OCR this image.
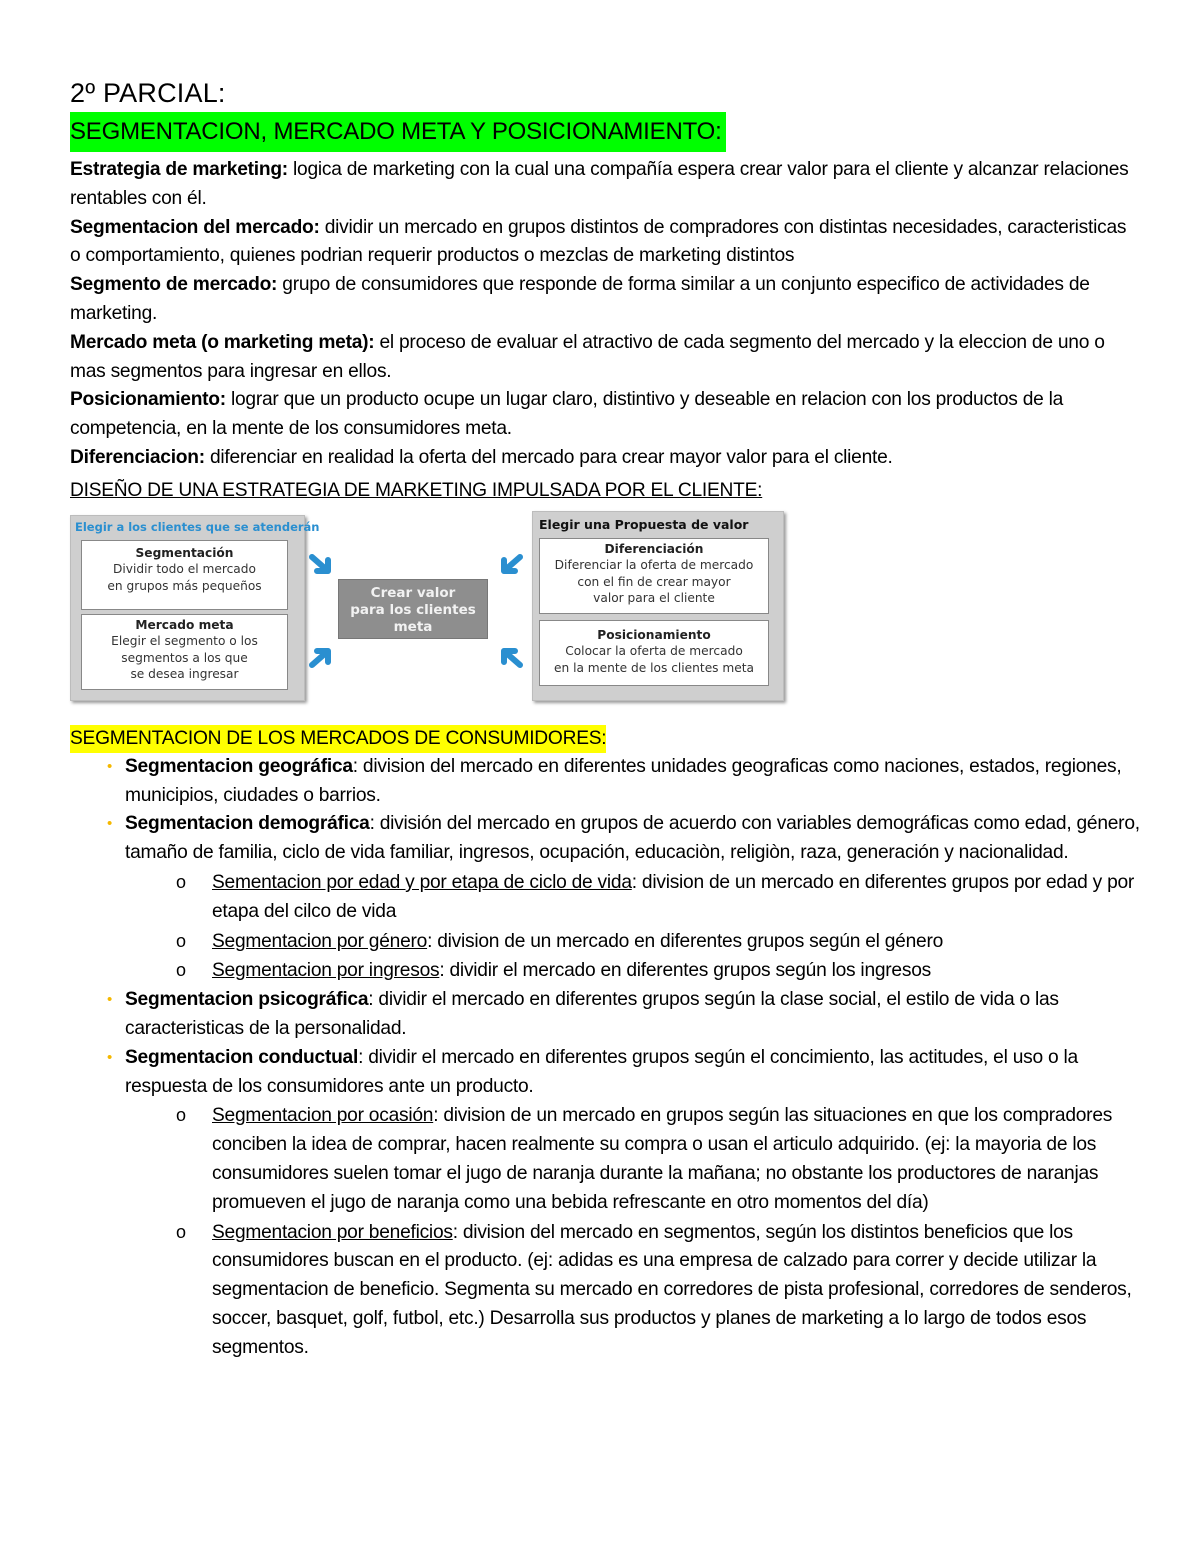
2º PARCIAL:
SEGMENTACION, MERCADO META Y POSICIONAMIENTO:

Estrategia de marketing: logica de marketing con la cual una compañía espera crear valor para el cliente y alcanzar relaciones rentables con él.

Segmentacion del mercado: dividir un mercado en grupos distintos de compradores con distintas necesidades, caracteristicas o comportamiento, quienes podrian requerir productos o mezclas de marketing distintos

Segmento de mercado: grupo de consumidores que responde de forma similar a un conjunto especifico de actividades de marketing.

Mercado meta (o marketing meta): el proceso de evaluar el atractivo de cada segmento del mercado y la eleccion de uno o mas segmentos para ingresar en ellos.

Posicionamiento: lograr que un producto ocupe un lugar claro, distintivo y deseable en relacion con los productos de la competencia, en la mente de los consumidores meta.

Diferenciacion: diferenciar en realidad la oferta del mercado para crear mayor valor para el cliente.

DISEÑO DE UNA ESTRATEGIA DE MARKETING IMPULSADA POR EL CLIENTE:
Elegir a los clientes que se atenderán
Segmentación
Dividir todo el mercado
en grupos más pequeños
Mercado meta
Elegir el segmento o los
segmentos a los que
se desea ingresar
Crear valor
para los clientes
meta
Elegir una Propuesta de valor
Diferenciación
Diferenciar la oferta de mercado
con el fin de crear mayor
valor para el cliente
Posicionamiento
Colocar la oferta de mercado
en la mente de los clientes meta
SEGMENTACION DE LOS MERCADOS DE CONSUMIDORES:
• Segmentacion geográfica: division del mercado en diferentes unidades geograficas como naciones, estados, regiones, municipios, ciudades o barrios.
• Segmentacion demográfica: división del mercado en grupos de acuerdo con variables demográficas como edad, género, tamaño de familia, ciclo de vida familiar, ingresos, ocupación, educaciòn, religiòn, raza, generación y nacionalidad.
o Sementacion por edad y por etapa de ciclo de vida: division de un mercado en diferentes grupos por edad y por etapa del cilco de vida
o Segmentacion por género: division de un mercado en diferentes grupos según el género
o Segmentacion por ingresos: dividir el mercado en diferentes grupos según los ingresos
• Segmentacion psicográfica: dividir el mercado en diferentes grupos según la clase social, el estilo de vida o las caracteristicas de la personalidad.
• Segmentacion conductual: dividir el mercado en diferentes grupos según el concimiento, las actitudes, el uso o la respuesta de los consumidores ante un producto.
o Segmentacion por ocasión: division de un mercado en grupos según las situaciones en que los compradores conciben la idea de comprar, hacen realmente su compra o usan el articulo adquirido. (ej: la mayoria de los consumidores suelen tomar el jugo de naranja durante la mañana; no obstante los productores de naranjas promueven el jugo de naranja como una bebida refrescante en otro momentos del día)
o Segmentacion por beneficios: division del mercado en segmentos, según los distintos beneficios que los consumidores buscan en el producto. (ej: adidas es una empresa de calzado para correr y decide utilizar la segmentacion de beneficio. Segmenta su mercado en corredores de pista profesional, corredores de senderos, soccer, basquet, golf, futbol, etc.) Desarrolla sus productos y planes de marketing a lo largo de todos esos segmentos.
